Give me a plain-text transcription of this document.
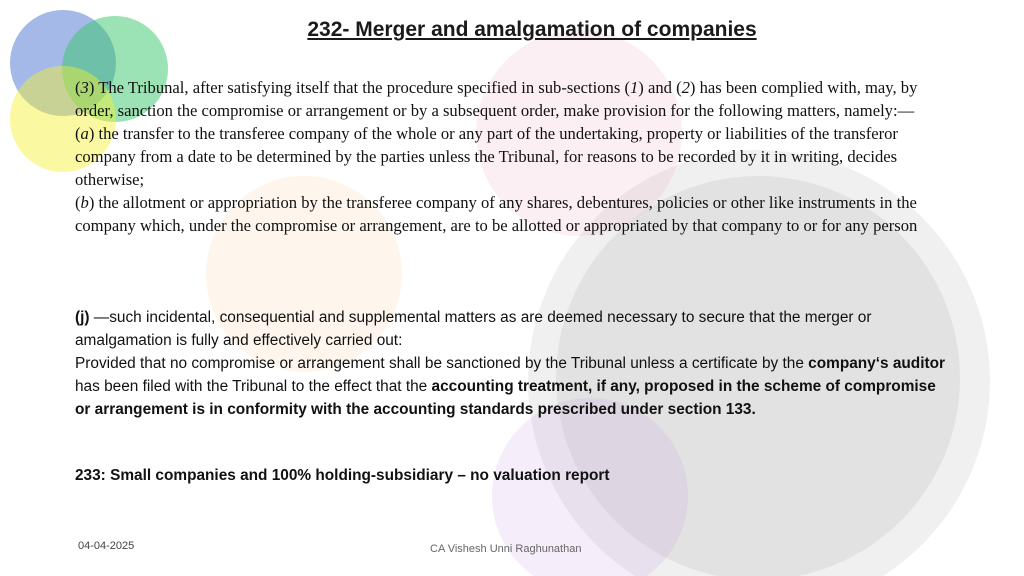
232- Merger and amalgamation of companies

(3) The Tribunal, after satisfying itself that the procedure specified in sub-sections (1) and (2) has been complied with, may, by order, sanction the compromise or arrangement or by a subsequent order, make provision for the following matters, namely:—

(a) the transfer to the transferee company of the whole or any part of the undertaking, property or liabilities of the transferor company from a date to be determined by the parties unless the Tribunal, for reasons to be recorded by it in writing, decides otherwise;

(b) the allotment or appropriation by the transferee company of any shares, debentures, policies or other like instruments in the company which, under the compromise or arrangement, are to be allotted or appropriated by that company to or for any person

(j) —such incidental, consequential and supplemental matters as are deemed necessary to secure that the merger or amalgamation is fully and effectively carried out:

Provided that no compromise or arrangement shall be sanctioned by the Tribunal unless a certificate by the company‘s auditor has been filed with the Tribunal to the effect that the accounting treatment, if any, proposed in the scheme of compromise or arrangement is in conformity with the accounting standards prescribed under section 133.

233: Small companies and 100% holding-subsidiary – no valuation report
04-04-2025	CA Vishesh Unni Raghunathan
